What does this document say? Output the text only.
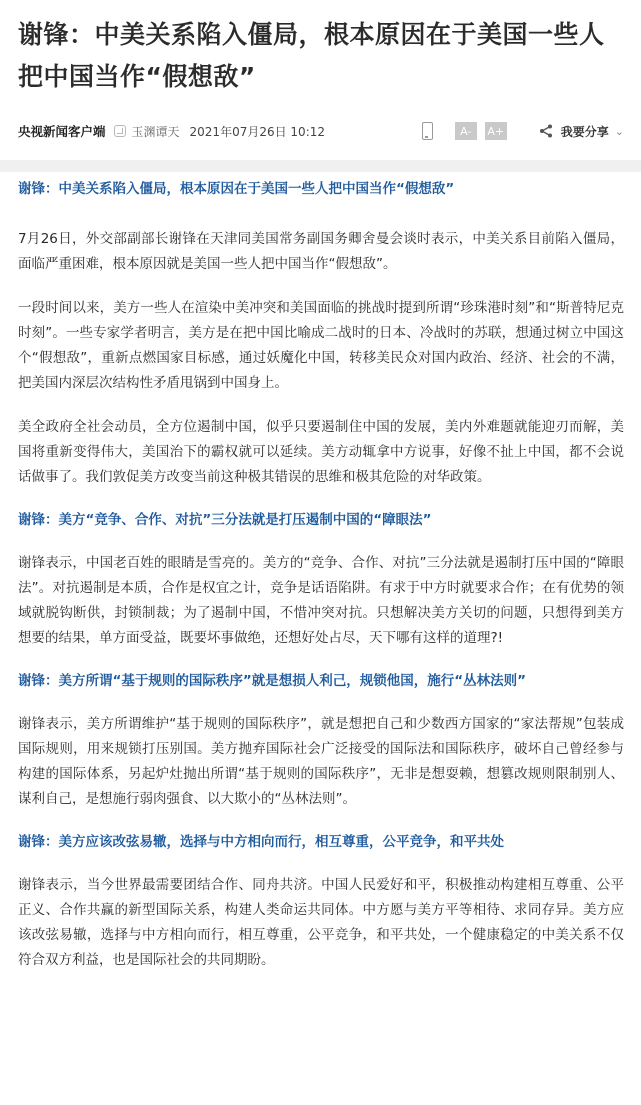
谢锋：中美关系陷入僵局，根本原因在于美国一些人把中国当作“假想敌”
央视新闻客户端 玉渊谭天 2021年07月26日 10:12	A-	A+	我要分享 ⌄

谢锋：中美关系陷入僵局，根本原因在于美国一些人把中国当作“假想敌”

7月26日，外交部副部长谢锋在天津同美国常务副国务卿舍曼会谈时表示，中美关系目前陷入僵局，面临严重困难，根本原因就是美国一些人把中国当作“假想敌”。

一段时间以来，美方一些人在渲染中美冲突和美国面临的挑战时提到所谓“珍珠港时刻”和“斯普特尼克时刻”。一些专家学者明言，美方是在把中国比喻成二战时的日本、冷战时的苏联，想通过树立中国这个“假想敌”，重新点燃国家目标感，通过妖魔化中国，转移美民众对国内政治、经济、社会的不满，把美国内深层次结构性矛盾甩锅到中国身上。

美全政府全社会动员，全方位遏制中国，似乎只要遏制住中国的发展，美内外难题就能迎刃而解，美国将重新变得伟大，美国治下的霸权就可以延续。美方动辄拿中方说事，好像不扯上中国，都不会说话做事了。我们敦促美方改变当前这种极其错误的思维和极其危险的对华政策。

谢锋：美方“竞争、合作、对抗”三分法就是打压遏制中国的“障眼法”

谢锋表示，中国老百姓的眼睛是雪亮的。美方的“竞争、合作、对抗”三分法就是遏制打压中国的“障眼法”。对抗遏制是本质，合作是权宜之计，竞争是话语陷阱。有求于中方时就要求合作；在有优势的领域就脱钩断供，封锁制裁；为了遏制中国，不惜冲突对抗。只想解决美方关切的问题，只想得到美方想要的结果，单方面受益，既要坏事做绝，还想好处占尽，天下哪有这样的道理?!

谢锋：美方所谓“基于规则的国际秩序”就是想损人利己，规锁他国，施行“丛林法则”

谢锋表示，美方所谓维护“基于规则的国际秩序”，就是想把自己和少数西方国家的“家法帮规”包装成国际规则，用来规锁打压别国。美方抛弃国际社会广泛接受的国际法和国际秩序，破坏自己曾经参与构建的国际体系，另起炉灶抛出所谓“基于规则的国际秩序”，无非是想耍赖，想篡改规则限制别人、谋利自己，是想施行弱肉强食、以大欺小的“丛林法则”。

谢锋：美方应该改弦易辙，选择与中方相向而行，相互尊重，公平竞争，和平共处

谢锋表示，当今世界最需要团结合作、同舟共济。中国人民爱好和平，积极推动构建相互尊重、公平正义、合作共赢的新型国际关系，构建人类命运共同体。中方愿与美方平等相待、求同存异。美方应该改弦易辙，选择与中方相向而行，相互尊重，公平竞争，和平共处，一个健康稳定的中美关系不仅符合双方利益，也是国际社会的共同期盼。
